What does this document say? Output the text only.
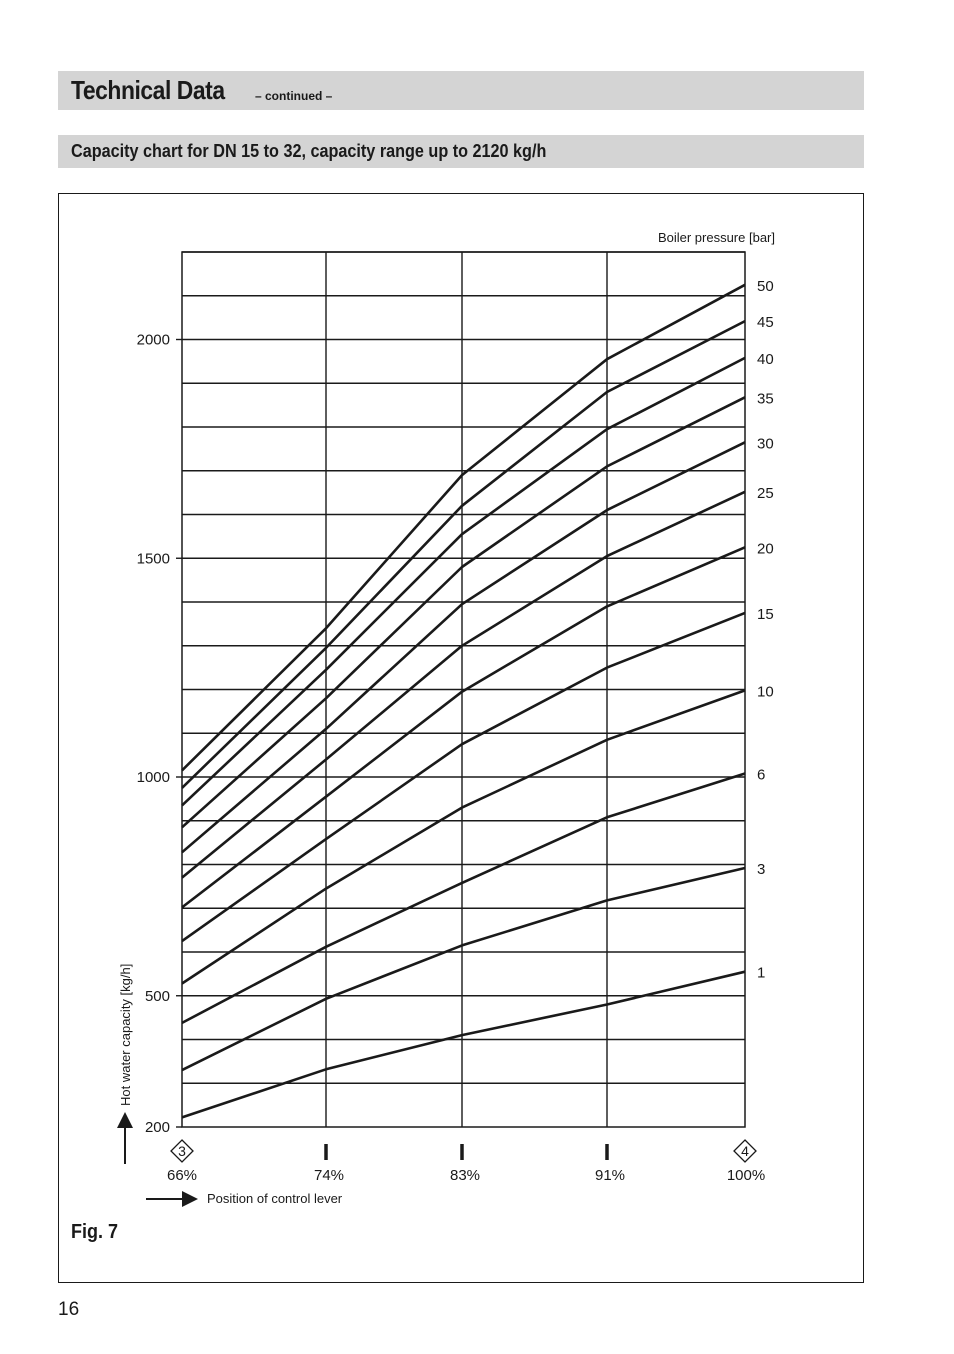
Technical Data	– continued –
Capacity chart for DN 15 to 32, capacity range up to 2120 kg/h
200
500
1000
1500
2000
3
66%	74%	83%	91%
4
100%
1
3
6
10
15
20
25
30
35
40
45
50
Boiler pressure [bar]
Hot water capacity [kg/h]
Position of control lever
Fig. 7
16
